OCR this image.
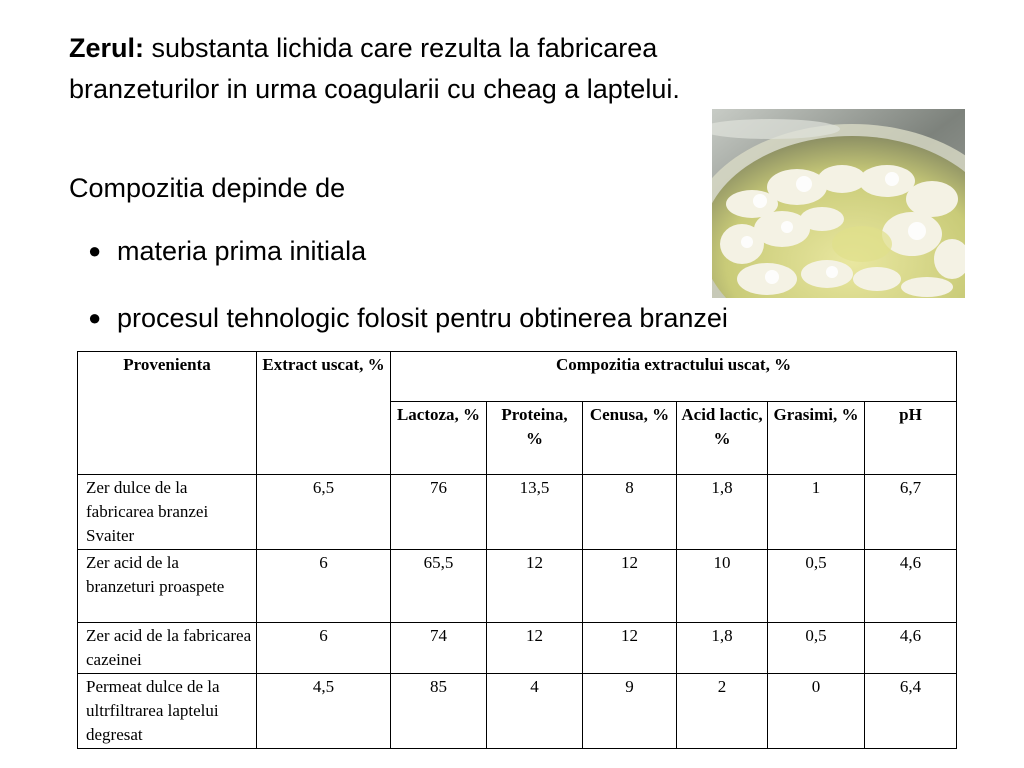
Zerul: substanta lichida care rezulta la fabricarea
branzeturilor in urma coagularii cu cheag a laptelui.
Compozitia depinde de
● materia prima initiala
● procesul tehnologic folosit pentru obtinerea branzei
Provenienta	Extract uscat, %	Compozitia extractului uscat, %					
		Lactoza, %	Proteina, %	Cenusa, %	Acid lactic, %	Grasimi, %	pH
Zer dulce de la fabricarea branzei Svaiter	6,5	76	13,5	8	1,8	1	6,7
Zer acid de la branzeturi proaspete	6	65,5	12	12	10	0,5	4,6
Zer acid de la fabricarea cazeinei	6	74	12	12	1,8	0,5	4,6
Permeat dulce de la ultrfiltrarea laptelui degresat	4,5	85	4	9	2	0	6,4
